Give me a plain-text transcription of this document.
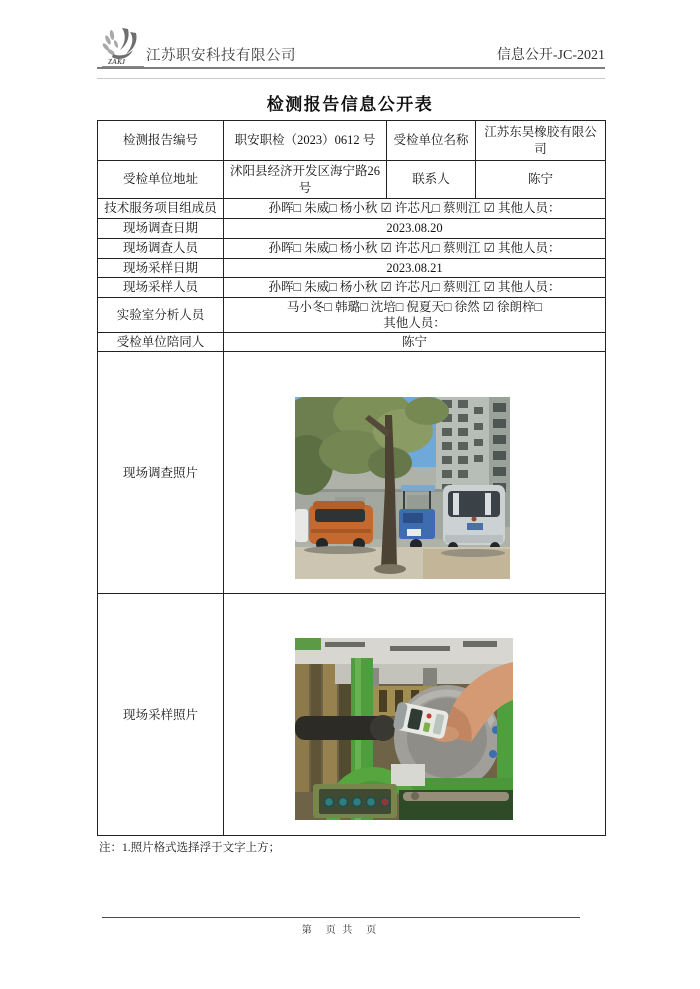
ZAKJ 江苏职安科技有限公司	信息公开-JC-2021
检测报告信息公开表
检测报告编号	职安职检（2023）0612 号	受检单位名称	江苏东昊橡胶有限公司
受检单位地址	沭阳县经济开发区海宁路26 号	联系人	陈宁
技术服务项目组成员	孙晖□ 朱威□ 杨小秋 ☑ 许芯凡□ 蔡则江 ☑ 其他人员：		
现场调查日期	2023.08.20		
现场调查人员	孙晖□ 朱威□ 杨小秋 ☑ 许芯凡□ 蔡则江 ☑ 其他人员：		
现场采样日期	2023.08.21		
现场采样人员	孙晖□ 朱威□ 杨小秋 ☑ 许芯凡□ 蔡则江 ☑ 其他人员：		
实验室分析人员	马小冬□ 韩璐□ 沈培□ 倪夏天□ 徐然 ☑ 徐朗梓□
其他人员：		

受检单位陪同人	陈宁		
现场调查照片	

现场采样照片	
注：1.照片格式选择浮于文字上方；
第　页 共　页
